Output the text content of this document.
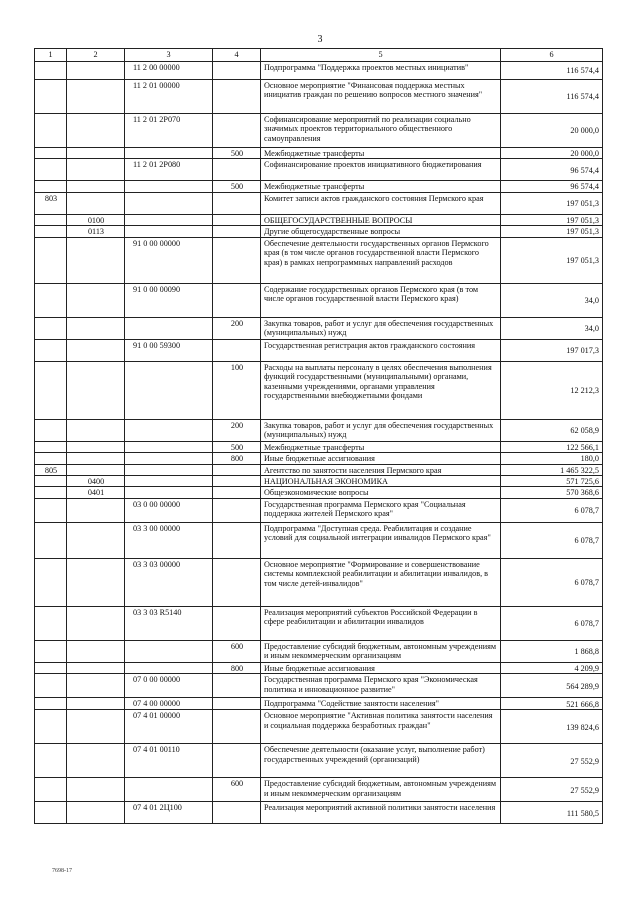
3
1	2	3	4	5	6
		11 2 00 00000		Подпрограмма "Поддержка проектов местных инициатив"	116 574,4
		11 2 01 00000		Основное мероприятие "Финансовая поддержка местных инициатив граждан по решению вопросов местного значения"	116 574,4
		11 2 01 2P070		Софинансирование мероприятий по реализации социально значимых проектов территориального общественного самоуправления	20 000,0
			500	Межбюджетные трансферты	20 000,0
		11 2 01 2P080		Софинансирование проектов инициативного бюджетирования	96 574,4
			500	Межбюджетные трансферты	96 574,4
803				Комитет записи актов гражданского состояния Пермского края	197 051,3
	0100			ОБЩЕГОСУДАРСТВЕННЫЕ ВОПРОСЫ	197 051,3
	0113			Другие общегосударственные вопросы	197 051,3
		91 0 00 00000		Обеспечение деятельности государственных органов Пермского края (в том числе органов государственной власти Пермского края) в рамках непрограммных направлений расходов	197 051,3
		91 0 00 00090		Содержание государственных органов Пермского края (в том числе органов государственной власти Пермского края)	34,0
			200	Закупка товаров, работ и услуг для обеспечения государственных (муниципальных) нужд	34,0
		91 0 00 59300		Государственная регистрация актов гражданского состояния	197 017,3
			100	Расходы на выплаты персоналу в целях обеспечения выполнения функций государственными (муниципальными) органами, казенными учреждениями, органами управления государственными внебюджетными фондами	12 212,3
			200	Закупка товаров, работ и услуг для обеспечения государственных (муниципальных) нужд	62 058,9
			500	Межбюджетные трансферты	122 566,1
			800	Иные бюджетные ассигнования	180,0
805				Агентство по занятости населения Пермского края	1 465 322,5
	0400			НАЦИОНАЛЬНАЯ ЭКОНОМИКА	571 725,6
	0401			Общеэкономические вопросы	570 368,6
		03 0 00 00000		Государственная программа Пермского края "Социальная поддержка жителей Пермского края"	6 078,7
		03 3 00 00000		Подпрограмма "Доступная среда. Реабилитация и создание условий для социальной интеграции инвалидов Пермского края"	6 078,7
		03 3 03 00000		Основное мероприятие "Формирование и совершенствование системы комплексной реабилитации и абилитации инвалидов, в том числе детей-инвалидов"	6 078,7
		03 3 03 R5140		Реализация мероприятий субъектов Российской Федерации в сфере реабилитации и абилитации инвалидов	6 078,7
			600	Предоставление субсидий бюджетным, автономным учреждениям и иным некоммерческим организациям	1 868,8
			800	Иные бюджетные ассигнования	4 209,9
		07 0 00 00000		Государственная программа Пермского края "Экономическая политика и инновационное развитие"	564 289,9
		07 4 00 00000		Подпрограмма "Содействие занятости населения"	521 666,8
		07 4 01 00000		Основное мероприятие "Активная политика занятости населения и социальная поддержка безработных граждан"	139 824,6
		07 4 01 00110		Обеспечение деятельности (оказание услуг, выполнение работ) государственных учреждений (организаций)	27 552,9
			600	Предоставление субсидий бюджетным, автономным учреждениям и иным некоммерческим организациям	27 552,9
		07 4 01 2Ц100		Реализация мероприятий активной политики занятости населения	111 580,5
7698-17
